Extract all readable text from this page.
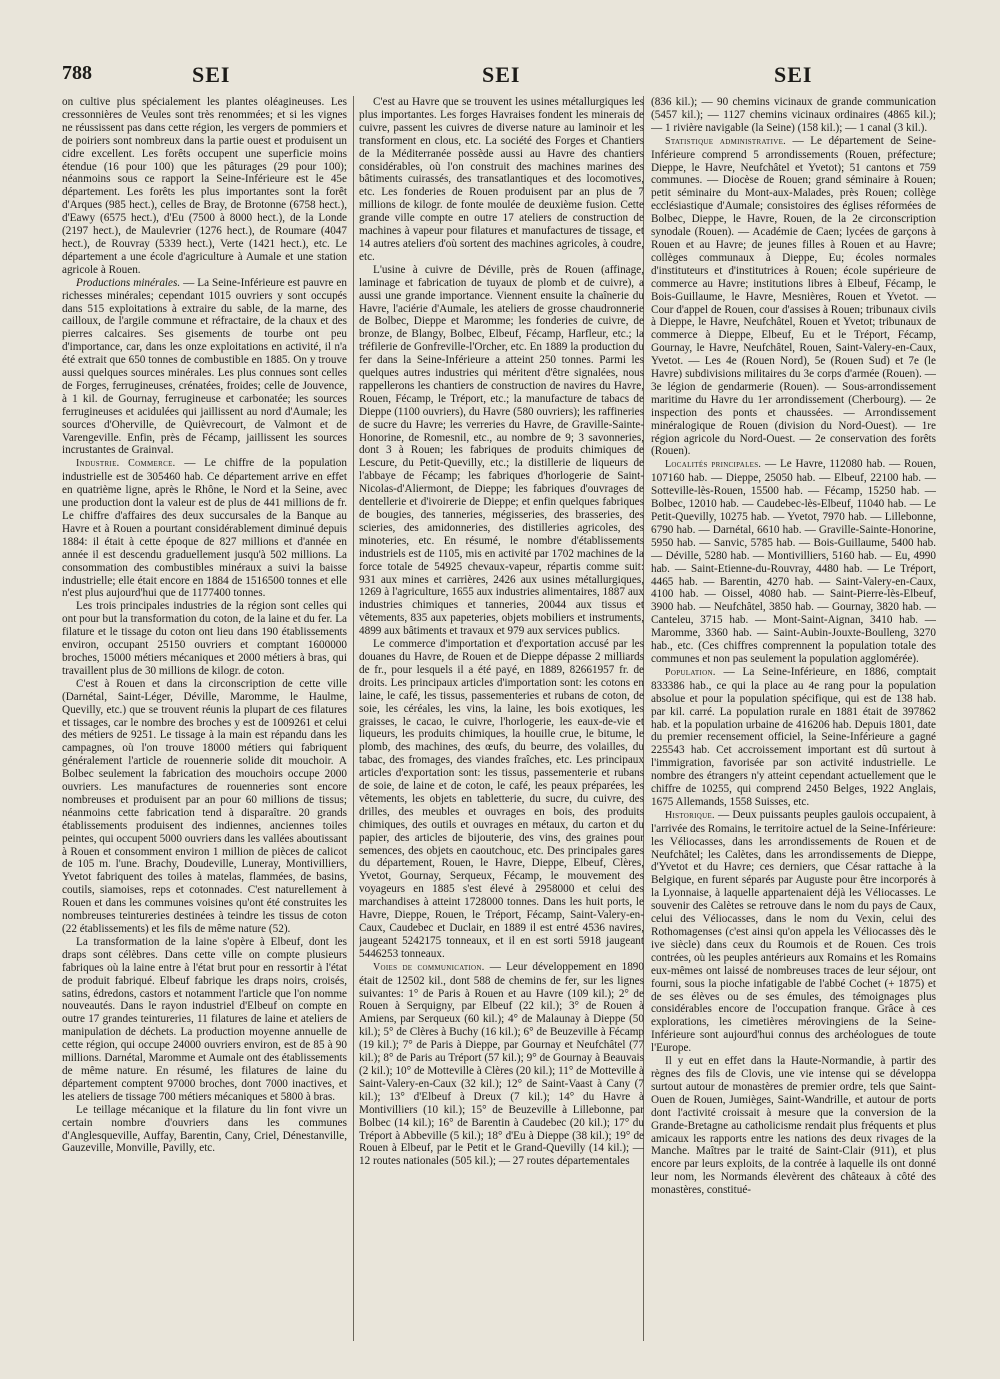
788	SEI	SEI	SEI

on cultive plus spécialement les plantes oléagineuses. Les cressonnières de Veules sont très renommées; et si les vignes ne réussissent pas dans cette région, les vergers de pommiers et de poiriers sont nombreux dans la partie ouest et produisent un cidre excellent. Les forêts occupent une superficie moins étendue (16 pour 100) que les pâturages (29 pour 100); néanmoins sous ce rapport la Seine-Inférieure est le 45e département. Les forêts les plus importantes sont la forêt d'Arques (985 hect.), celles de Bray, de Brotonne (6758 hect.), d'Eawy (6575 hect.), d'Eu (7500 à 8000 hect.), de la Londe (2197 hect.), de Maulevrier (1276 hect.), de Roumare (4047 hect.), de Rouvray (5339 hect.), Verte (1421 hect.), etc. Le département a une école d'agriculture à Aumale et une station agricole à Rouen.

Productions minérales. — La Seine-Inférieure est pauvre en richesses minérales; cependant 1015 ouvriers y sont occupés dans 515 exploitations à extraire du sable, de la marne, des cailloux, de l'argile commune et réfractaire, de la chaux et des pierres calcaires. Ses gisements de tourbe ont peu d'importance, car, dans les onze exploitations en activité, il n'a été extrait que 650 tonnes de combustible en 1885. On y trouve aussi quelques sources minérales. Les plus connues sont celles de Forges, ferrugineuses, crénatées, froides; celle de Jouvence, à 1 kil. de Gournay, ferrugineuse et carbonatée; les sources ferrugineuses et acidulées qui jaillissent au nord d'Aumale; les sources d'Oherville, de Quièvrecourt, de Valmont et de Varengeville. Enfin, près de Fécamp, jaillissent les sources incrustantes de Grainval.

Industrie. Commerce. — Le chiffre de la population industrielle est de 305460 hab. Ce département arrive en effet en quatrième ligne, après le Rhône, le Nord et la Seine, avec une production dont la valeur est de plus de 441 millions de fr. Le chiffre d'affaires des deux succursales de la Banque au Havre et à Rouen a pourtant considérablement diminué depuis 1884: il était à cette époque de 827 millions et d'année en année il est descendu graduellement jusqu'à 502 millions. La consommation des combustibles minéraux a suivi la baisse industrielle; elle était encore en 1884 de 1516500 tonnes et elle n'est plus aujourd'hui que de 1177400 tonnes.

Les trois principales industries de la région sont celles qui ont pour but la transformation du coton, de la laine et du fer. La filature et le tissage du coton ont lieu dans 190 établissements environ, occupant 25150 ouvriers et comptant 1600000 broches, 15000 métiers mécaniques et 2000 métiers à bras, qui travaillent plus de 30 millions de kilogr. de coton.

C'est à Rouen et dans la circonscription de cette ville (Darnétal, Saint-Léger, Déville, Maromme, le Haulme, Quevilly, etc.) que se trouvent réunis la plupart de ces filatures et tissages, car le nombre des broches y est de 1009261 et celui des métiers de 9251. Le tissage à la main est répandu dans les campagnes, où l'on trouve 18000 métiers qui fabriquent généralement l'article de rouennerie solide dit mouchoir. A Bolbec seulement la fabrication des mouchoirs occupe 2000 ouvriers. Les manufactures de rouenneries sont encore nombreuses et produisent par an pour 60 millions de tissus; néanmoins cette fabrication tend à disparaître. 20 grands établissements produisent des indiennes, anciennes toiles peintes, qui occupent 5000 ouvriers dans les vallées aboutissant à Rouen et consomment environ 1 million de pièces de calicot de 105 m. l'une. Brachy, Doudeville, Luneray, Montivilliers, Yvetot fabriquent des toiles à matelas, flammées, de basins, coutils, siamoises, reps et cotonnades. C'est naturellement à Rouen et dans les communes voisines qu'ont été construites les nombreuses teintureries destinées à teindre les tissus de coton (22 établissements) et les fils de même nature (52).

La transformation de la laine s'opère à Elbeuf, dont les draps sont célèbres. Dans cette ville on compte plusieurs fabriques où la laine entre à l'état brut pour en ressortir à l'état de produit fabriqué. Elbeuf fabrique les draps noirs, croisés, satins, édredons, castors et notamment l'article que l'on nomme nouveautés. Dans le rayon industriel d'Elbeuf on compte en outre 17 grandes teintureries, 11 filatures de laine et ateliers de manipulation de déchets. La production moyenne annuelle de cette région, qui occupe 24000 ouvriers environ, est de 85 à 90 millions. Darnétal, Maromme et Aumale ont des établissements de même nature. En résumé, les filatures de laine du département comptent 97000 broches, dont 7000 inactives, et les ateliers de tissage 700 métiers mécaniques et 5800 à bras.

Le teillage mécanique et la filature du lin font vivre un certain nombre d'ouvriers dans les communes d'Anglesqueville, Auffay, Barentin, Cany, Criel, Dénestanville, Gauzeville, Monville, Pavilly, etc.

C'est au Havre que se trouvent les usines métallurgiques les plus importantes. Les forges Havraises fondent les minerais de cuivre, passent les cuivres de diverse nature au laminoir et les transforment en clous, etc. La société des Forges et Chantiers de la Méditerranée possède aussi au Havre des chantiers considérables, où l'on construit des machines marines des bâtiments cuirassés, des transatlantiques et des locomotives, etc. Les fonderies de Rouen produisent par an plus de 7 millions de kilogr. de fonte moulée de deuxième fusion. Cette grande ville compte en outre 17 ateliers de construction de machines à vapeur pour filatures et manufactures de tissage, et 14 autres ateliers d'où sortent des machines agricoles, à coudre, etc.

L'usine à cuivre de Déville, près de Rouen (affinage, laminage et fabrication de tuyaux de plomb et de cuivre), a aussi une grande importance. Viennent ensuite la chaînerie du Havre, l'aciérie d'Aumale, les ateliers de grosse chaudronnerie de Bolbec, Dieppe et Maromme; les fonderies de cuivre, de bronze, de Blangy, Bolbec, Elbeuf, Fécamp, Harfleur, etc.; la tréfilerie de Gonfreville-l'Orcher, etc. En 1889 la production du fer dans la Seine-Inférieure a atteint 250 tonnes. Parmi les quelques autres industries qui méritent d'être signalées, nous rappellerons les chantiers de construction de navires du Havre, Rouen, Fécamp, le Tréport, etc.; la manufacture de tabacs de Dieppe (1100 ouvriers), du Havre (580 ouvriers); les raffineries de sucre du Havre; les verreries du Havre, de Graville-Sainte-Honorine, de Romesnil, etc., au nombre de 9; 3 savonneries, dont 3 à Rouen; les fabriques de produits chimiques de Lescure, du Petit-Quevilly, etc.; la distillerie de liqueurs de l'abbaye de Fécamp; les fabriques d'horlogerie de Saint-Nicolas-d'Aliermont, de Dieppe; les fabriques d'ouvrages de dentellerie et d'ivoirerie de Dieppe; et enfin quelques fabriques de bougies, des tanneries, mégisseries, des brasseries, des scieries, des amidonneries, des distilleries agricoles, des minoteries, etc. En résumé, le nombre d'établissements industriels est de 1105, mis en activité par 1702 machines de la force totale de 54925 chevaux-vapeur, répartis comme suit: 931 aux mines et carrières, 2426 aux usines métallurgiques, 1269 à l'agriculture, 1655 aux industries alimentaires, 1887 aux industries chimiques et tanneries, 20044 aux tissus et vêtements, 835 aux papeteries, objets mobiliers et instruments, 4899 aux bâtiments et travaux et 979 aux services publics.

Le commerce d'importation et d'exportation accusé par les douanes du Havre, de Rouen et de Dieppe dépasse 2 milliards de fr., pour lesquels il a été payé, en 1889, 82661957 fr. de droits. Les principaux articles d'importation sont: les cotons en laine, le café, les tissus, passementeries et rubans de coton, de soie, les céréales, les vins, la laine, les bois exotiques, les graisses, le cacao, le cuivre, l'horlogerie, les eaux-de-vie et liqueurs, les produits chimiques, la houille crue, le bitume, le plomb, des machines, des œufs, du beurre, des volailles, du tabac, des fromages, des viandes fraîches, etc. Les principaux articles d'exportation sont: les tissus, passementerie et rubans de soie, de laine et de coton, le café, les peaux préparées, les vêtements, les objets en tabletterie, du sucre, du cuivre, des drilles, des meubles et ouvrages en bois, des produits chimiques, des outils et ouvrages en métaux, du carton et du papier, des articles de bijouterie, des vins, des graines pour semences, des objets en caoutchouc, etc. Des principales gares du département, Rouen, le Havre, Dieppe, Elbeuf, Clères, Yvetot, Gournay, Serqueux, Fécamp, le mouvement des voyageurs en 1885 s'est élevé à 2958000 et celui des marchandises à atteint 1728000 tonnes. Dans les huit ports, le Havre, Dieppe, Rouen, le Tréport, Fécamp, Saint-Valery-en-Caux, Caudebec et Duclair, en 1889 il est entré 4536 navires, jaugeant 5242175 tonneaux, et il en est sorti 5918 jaugeant 5446253 tonneaux.

Voies de communication. — Leur développement en 1890 était de 12502 kil., dont 588 de chemins de fer, sur les lignes suivantes: 1° de Paris à Rouen et au Havre (109 kil.); 2° de Rouen à Serquigny, par Elbeuf (22 kil.); 3° de Rouen à Amiens, par Serqueux (60 kil.); 4° de Malaunay à Dieppe (50 kil.); 5° de Clères à Buchy (16 kil.); 6° de Beuzeville à Fécamp (19 kil.); 7° de Paris à Dieppe, par Gournay et Neufchâtel (77 kil.); 8° de Paris au Tréport (57 kil.); 9° de Gournay à Beauvais (2 kil.); 10° de Motteville à Clères (20 kil.); 11° de Motteville à Saint-Valery-en-Caux (32 kil.); 12° de Saint-Vaast à Cany (7 kil.); 13° d'Elbeuf à Dreux (7 kil.); 14° du Havre à Montivilliers (10 kil.); 15° de Beuzeville à Lillebonne, par Bolbec (14 kil.); 16° de Barentin à Caudebec (20 kil.); 17° du Tréport à Abbeville (5 kil.); 18° d'Eu à Dieppe (38 kil.); 19° de Rouen à Elbeuf, par le Petit et le Grand-Quevilly (14 kil.); — 12 routes nationales (505 kil.); — 27 routes départementales

(836 kil.); — 90 chemins vicinaux de grande communication (5457 kil.); — 1127 chemins vicinaux ordinaires (4865 kil.); — 1 rivière navigable (la Seine) (158 kil.); — 1 canal (3 kil.).

Statistique administrative. — Le département de Seine-Inférieure comprend 5 arrondissements (Rouen, préfecture; Dieppe, le Havre, Neufchâtel et Yvetot); 51 cantons et 759 communes. — Diocèse de Rouen; grand séminaire à Rouen; petit séminaire du Mont-aux-Malades, près Rouen; collège ecclésiastique d'Aumale; consistoires des églises réformées de Bolbec, Dieppe, le Havre, Rouen, de la 2e circonscription synodale (Rouen). — Académie de Caen; lycées de garçons à Rouen et au Havre; de jeunes filles à Rouen et au Havre; collèges communaux à Dieppe, Eu; écoles normales d'instituteurs et d'institutrices à Rouen; école supérieure de commerce au Havre; institutions libres à Elbeuf, Fécamp, le Bois-Guillaume, le Havre, Mesnières, Rouen et Yvetot. — Cour d'appel de Rouen, cour d'assises à Rouen; tribunaux civils à Dieppe, le Havre, Neufchâtel, Rouen et Yvetot; tribunaux de commerce à Dieppe, Elbeuf, Eu et le Tréport, Fécamp, Gournay, le Havre, Neufchâtel, Rouen, Saint-Valery-en-Caux, Yvetot. — Les 4e (Rouen Nord), 5e (Rouen Sud) et 7e (le Havre) subdivisions militaires du 3e corps d'armée (Rouen). — 3e légion de gendarmerie (Rouen). — Sous-arrondissement maritime du Havre du 1er arrondissement (Cherbourg). — 2e inspection des ponts et chaussées. — Arrondissement minéralogique de Rouen (division du Nord-Ouest). — 1re région agricole du Nord-Ouest. — 2e conservation des forêts (Rouen).

Localités principales. — Le Havre, 112080 hab. — Rouen, 107160 hab. — Dieppe, 25050 hab. — Elbeuf, 22100 hab. — Sotteville-lès-Rouen, 15500 hab. — Fécamp, 15250 hab. — Bolbec, 12010 hab. — Caudebec-lès-Elbeuf, 11040 hab. — Le Petit-Quevilly, 10275 hab. — Yvetot, 7970 hab. — Lillebonne, 6790 hab. — Darnétal, 6610 hab. — Graville-Sainte-Honorine, 5950 hab. — Sanvic, 5785 hab. — Bois-Guillaume, 5400 hab. — Déville, 5280 hab. — Montivilliers, 5160 hab. — Eu, 4990 hab. — Saint-Etienne-du-Rouvray, 4480 hab. — Le Tréport, 4465 hab. — Barentin, 4270 hab. — Saint-Valery-en-Caux, 4100 hab. — Oissel, 4080 hab. — Saint-Pierre-lès-Elbeuf, 3900 hab. — Neufchâtel, 3850 hab. — Gournay, 3820 hab. — Canteleu, 3715 hab. — Mont-Saint-Aignan, 3410 hab. — Maromme, 3360 hab. — Saint-Aubin-Jouxte-Boulleng, 3270 hab., etc. (Ces chiffres comprennent la population totale des communes et non pas seulement la population agglomérée).

Population. — La Seine-Inférieure, en 1886, comptait 833386 hab., ce qui la place au 4e rang pour la population absolue et pour la population spécifique, qui est de 138 hab. par kil. carré. La population rurale en 1881 était de 397862 hab. et la population urbaine de 416206 hab. Depuis 1801, date du premier recensement officiel, la Seine-Inférieure a gagné 225543 hab. Cet accroissement important est dû surtout à l'immigration, favorisée par son activité industrielle. Le nombre des étrangers n'y atteint cependant actuellement que le chiffre de 10255, qui comprend 2450 Belges, 1922 Anglais, 1675 Allemands, 1558 Suisses, etc.

Historique. — Deux puissants peuples gaulois occupaient, à l'arrivée des Romains, le territoire actuel de la Seine-Inférieure: les Véliocasses, dans les arrondissements de Rouen et de Neufchâtel; les Calètes, dans les arrondissements de Dieppe, d'Yvetot et du Havre; ces derniers, que César rattache à la Belgique, en furent séparés par Auguste pour être incorporés à la Lyonnaise, à laquelle appartenaient déjà les Véliocasses. Le souvenir des Calètes se retrouve dans le nom du pays de Caux, celui des Véliocasses, dans le nom du Vexin, celui des Rothomagenses (c'est ainsi qu'on appela les Véliocasses dès le ive siècle) dans ceux du Roumois et de Rouen. Ces trois contrées, où les peuples antérieurs aux Romains et les Romains eux-mêmes ont laissé de nombreuses traces de leur séjour, ont fourni, sous la pioche infatigable de l'abbé Cochet (+ 1875) et de ses élèves ou de ses émules, des témoignages plus considérables encore de l'occupation franque. Grâce à ces explorations, les cimetières mérovingiens de la Seine-Inférieure sont aujourd'hui connus des archéologues de toute l'Europe.

Il y eut en effet dans la Haute-Normandie, à partir des règnes des fils de Clovis, une vie intense qui se développa surtout autour de monastères de premier ordre, tels que Saint-Ouen de Rouen, Jumièges, Saint-Wandrille, et autour de ports dont l'activité croissait à mesure que la conversion de la Grande-Bretagne au catholicisme rendait plus fréquents et plus amicaux les rapports entre les nations des deux rivages de la Manche. Maîtres par le traité de Saint-Clair (911), et plus encore par leurs exploits, de la contrée à laquelle ils ont donné leur nom, les Normands élevèrent des châteaux à côté des monastères, constitué-
